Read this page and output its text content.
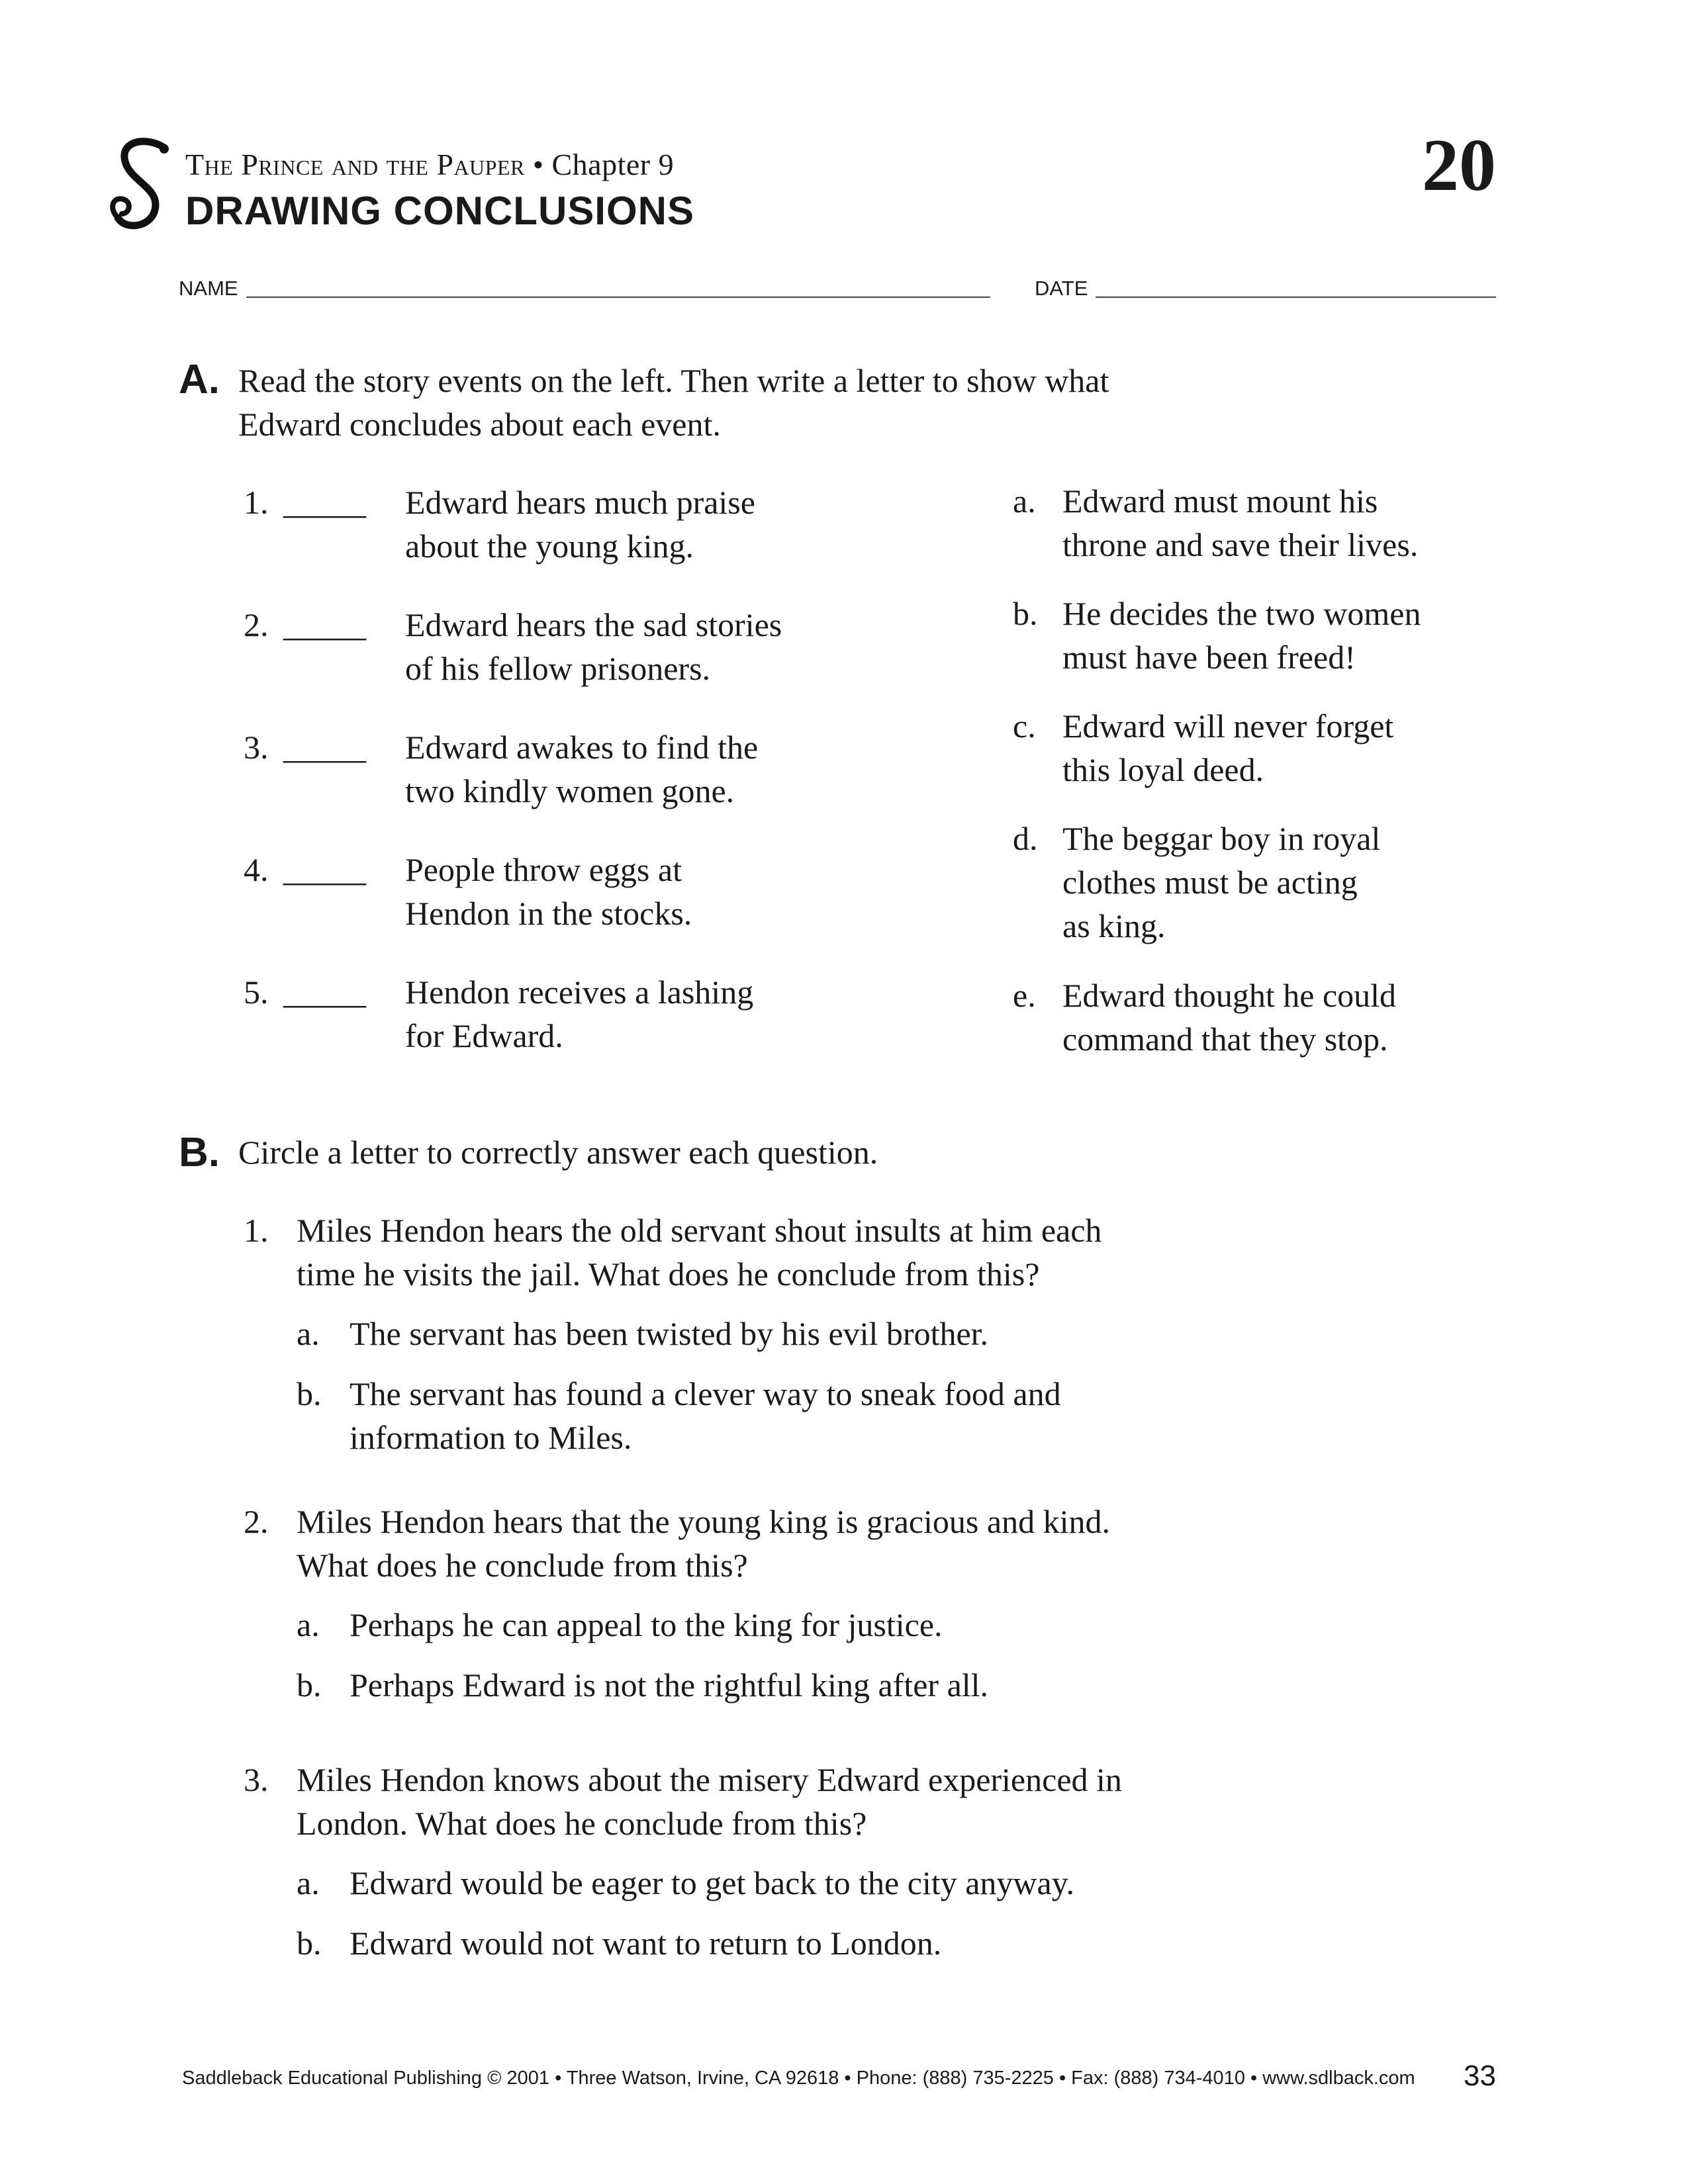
The Prince and the Pauper • Chapter 9
DRAWING CONCLUSIONS
20
NAME	DATE
A. Read the story events on the left. Then write a letter to show what
Edward concludes about each event.
1. _____ Edward hears much praise
about the young king.
2. _____ Edward hears the sad stories
of his fellow prisoners.
3. _____ Edward awakes to find the
two kindly women gone.
4. _____ People throw eggs at
Hendon in the stocks.
5. _____ Hendon receives a lashing
for Edward.
a. Edward must mount his
throne and save their lives.
b. He decides the two women
must have been freed!
c. Edward will never forget
this loyal deed.
d. The beggar boy in royal
clothes must be acting
as king.
e. Edward thought he could
command that they stop.
B. Circle a letter to correctly answer each question.
1. Miles Hendon hears the old servant shout insults at him each
time he visits the jail. What does he conclude from this?
a. The servant has been twisted by his evil brother.
b. The servant has found a clever way to sneak food and
information to Miles.
2. Miles Hendon hears that the young king is gracious and kind.
What does he conclude from this?
a. Perhaps he can appeal to the king for justice.
b. Perhaps Edward is not the rightful king after all.
3. Miles Hendon knows about the misery Edward experienced in
London. What does he conclude from this?
a. Edward would be eager to get back to the city anyway.
b. Edward would not want to return to London.
Saddleback Educational Publishing © 2001 • Three Watson, Irvine, CA 92618 • Phone: (888) 735-2225 • Fax: (888) 734-4010 • www.sdlback.com 33
